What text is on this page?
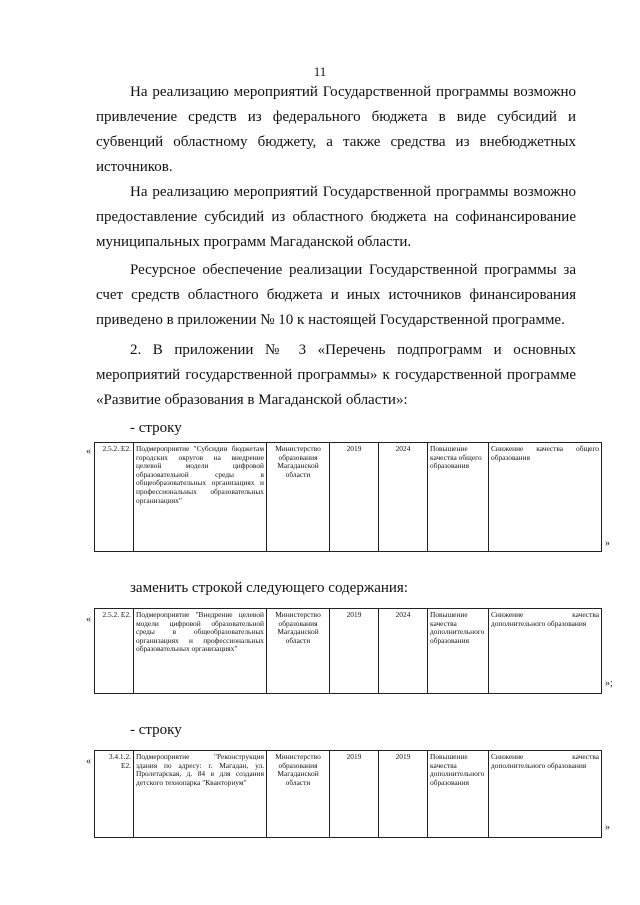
11

На реализацию мероприятий Государственной программы возможно привлечение средств из федерального бюджета в виде субсидий и субвенций областному бюджету, а также средства из внебюджетных источников.

На реализацию мероприятий Государственной программы возможно предоставление субсидий из областного бюджета на софинансирование муниципальных программ Магаданской области.

Ресурсное обеспечение реализации Государственной программы за счет средств областного бюджета и иных источников финансирования приведено в приложении № 10 к настоящей Государственной программе.

2. В приложении № 3 «Перечень подпрограмм и основных мероприятий государственной программы» к государственной программе «Развитие образования в Магаданской области»:

- строку

« 2.5.2. Е2.	Подмероприятие "Субсидии бюджетам городских округов на внедрение целевой модели цифровой образовательной среды в общеобразовательных организациях и профессиональных образовательных организациях"	Министерство образования Магаданской области	2019	2024	Повышение качества общего образования	Снижение качества общего образования
»

заменить строкой следующего содержания:

« 2.5.2. Е2.	Подмероприятие "Внедрение целевой модели цифровой образовательной среды в общеобразовательных организациях и профессиональных образовательных организациях"	Министерство образования Магаданской области	2019	2024	Повышение качества дополнительного образования	Снижение качества дополнительного образования
»;

- строку

« 3.4.1.2. Е2.	Подмероприятие "Реконструкция здания по адресу: г. Магадан, ул. Пролетарская, д. 84 в для создания детского технопарка "Кванториум"	Министерство образования Магаданской области	2019	2019	Повышение качества дополнительного образования	Снижение качества дополнительного образования
»
